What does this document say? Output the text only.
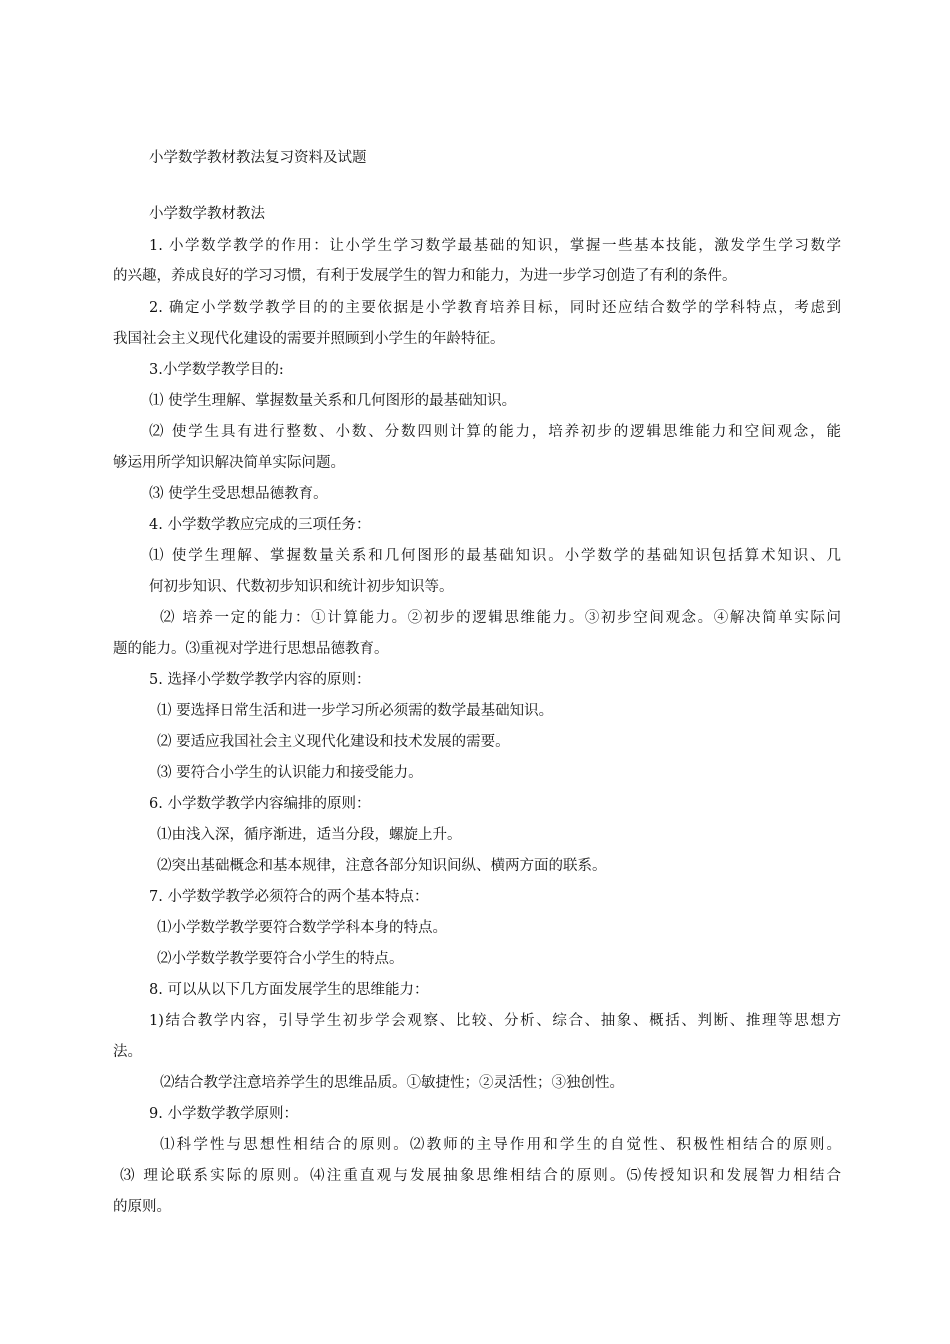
小学数学教材教法复习资料及试题
小学数学教材教法
1. 小学数学教学的作用：让小学生学习数学最基础的知识，掌握一些基本技能，激发学生学习数学
的兴趣，养成良好的学习习惯，有利于发展学生的智力和能力，为进一步学习创造了有利的条件。
2. 确定小学数学教学目的的主要依据是小学教育培养目标，同时还应结合数学的学科特点，考虑到
我国社会主义现代化建设的需要并照顾到小学生的年龄特征。
3.小学数学教学目的:
⑴ 使学生理解、掌握数量关系和几何图形的最基础知识。
⑵ 使学生具有进行整数、小数、分数四则计算的能力，培养初步的逻辑思维能力和空间观念，能
够运用所学知识解决简单实际问题。
⑶ 使学生受思想品德教育。
4. 小学数学教应完成的三项任务：
⑴ 使学生理解、掌握数量关系和几何图形的最基础知识。小学数学的基础知识包括算术知识、几
何初步知识、代数初步知识和统计初步知识等。
⑵ 培养一定的能力：①计算能力。②初步的逻辑思维能力。③初步空间观念。④解决简单实际问
题的能力。⑶重视对学进行思想品德教育。
5. 选择小学数学教学内容的原则：
⑴ 要选择日常生活和进一步学习所必须需的数学最基础知识。
⑵ 要适应我国社会主义现代化建设和技术发展的需要。
⑶ 要符合小学生的认识能力和接受能力。
6. 小学数学教学内容编排的原则：
⑴由浅入深，循序渐进，适当分段，螺旋上升。
⑵突出基础概念和基本规律，注意各部分知识间纵、横两方面的联系。
7. 小学数学教学必须符合的两个基本特点：
⑴小学数学教学要符合数学学科本身的特点。
⑵小学数学教学要符合小学生的特点。
8. 可以从以下几方面发展学生的思维能力：
1)结合教学内容，引导学生初步学会观察、比较、分析、综合、抽象、概括、判断、推理等思想方
法。
⑵结合教学注意培养学生的思维品质。①敏捷性；②灵活性；③独创性。
9. 小学数学教学原则：
⑴科学性与思想性相结合的原则。⑵教师的主导作用和学生的自觉性、积极性相结合的原则。
⑶ 理论联系实际的原则。⑷注重直观与发展抽象思维相结合的原则。⑸传授知识和发展智力相结合
的原则。
